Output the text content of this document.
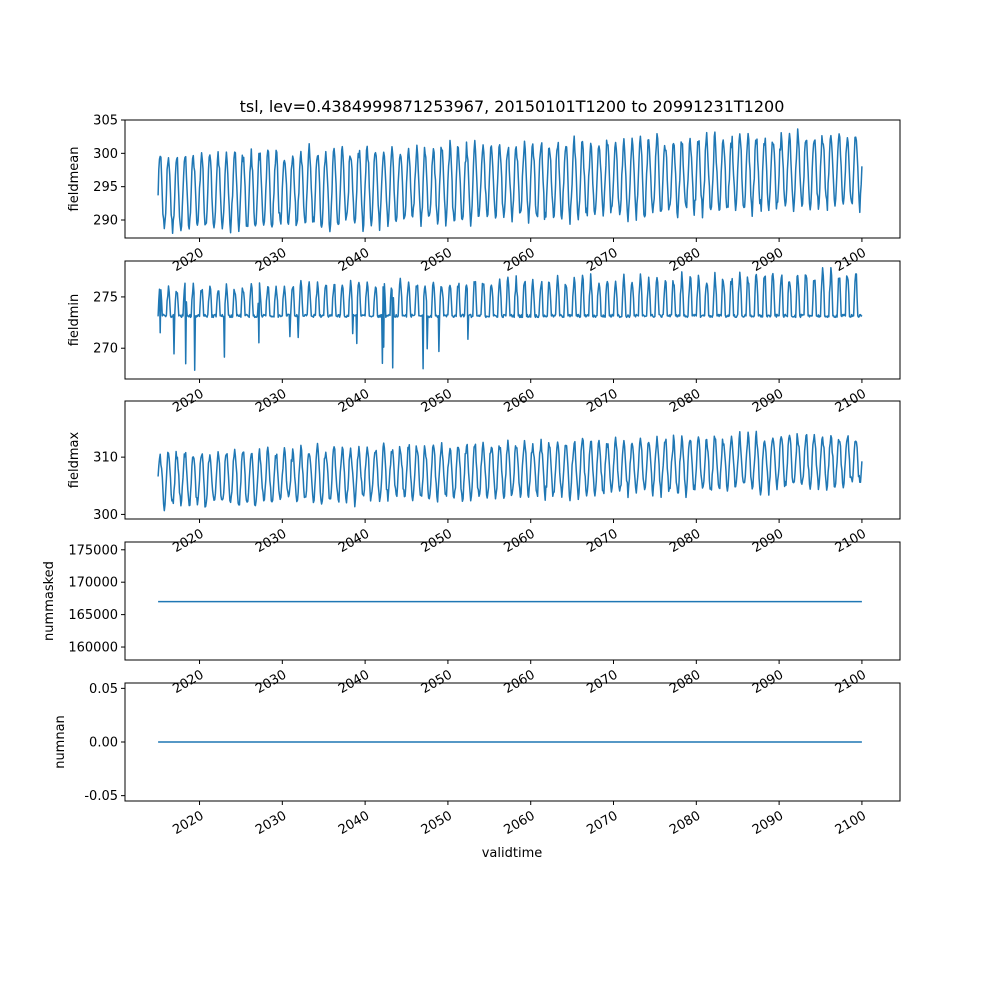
tsl, lev=0.4384999871253967, 20150101T1200 to 20991231T1200
290
295
300
305
fieldmean
2020	2030	2040	2050	2060	2070	2080	2090	2100
270
275
fieldmin
2020	2030	2040	2050	2060	2070	2080	2090	2100
300
310
fieldmax
2020	2030	2040	2050	2060	2070	2080	2090	2100
160000
165000
170000
175000
nummasked
2020	2030	2040	2050	2060	2070	2080	2090	2100
-0.05
0.00
0.05
numnan
2020	2030	2040	2050	2060	2070	2080	2090	2100
validtime
